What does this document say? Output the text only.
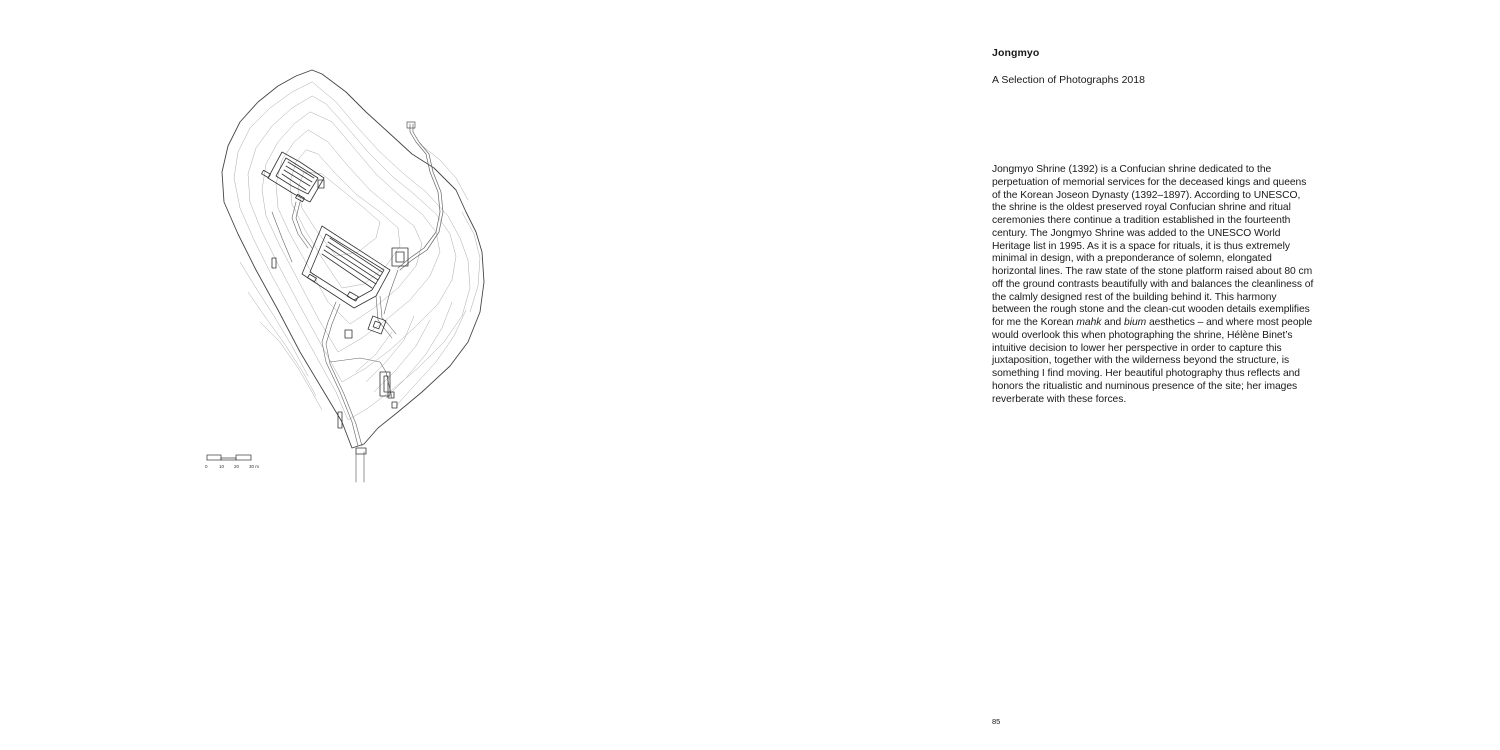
0	10 20 30 m

Jongmyo

A Selection of Photographs 2018

Jongmyo Shrine (1392) is a Confucian shrine dedicated to the perpetuation of memorial services for the deceased kings and queens of the Korean Joseon Dynasty (1392–1897). According to UNESCO, the shrine is the oldest preserved royal Confucian shrine and ritual ceremonies there continue a tradition established in the fourteenth century. The Jongmyo Shrine was added to the UNESCO World Heritage list in 1995. As it is a space for rituals, it is thus extremely minimal in design, with a preponderance of solemn, elongated horizontal lines. The raw state of the stone platform raised about 80 cm off the ground contrasts beautifully with and balances the cleanliness of the calmly designed rest of the building behind it. This harmony between the rough stone and the clean-cut wooden details exemplifies for me the Korean mahk and bium aesthetics – and where most people would overlook this when photographing the shrine, Hélène Binet’s intuitive decision to lower her perspective in order to capture this juxtaposition, together with the wilderness beyond the structure, is something I find moving. Her beautiful photography thus reflects and honors the ritualistic and numinous presence of the site; her images reverberate with these forces.

85
